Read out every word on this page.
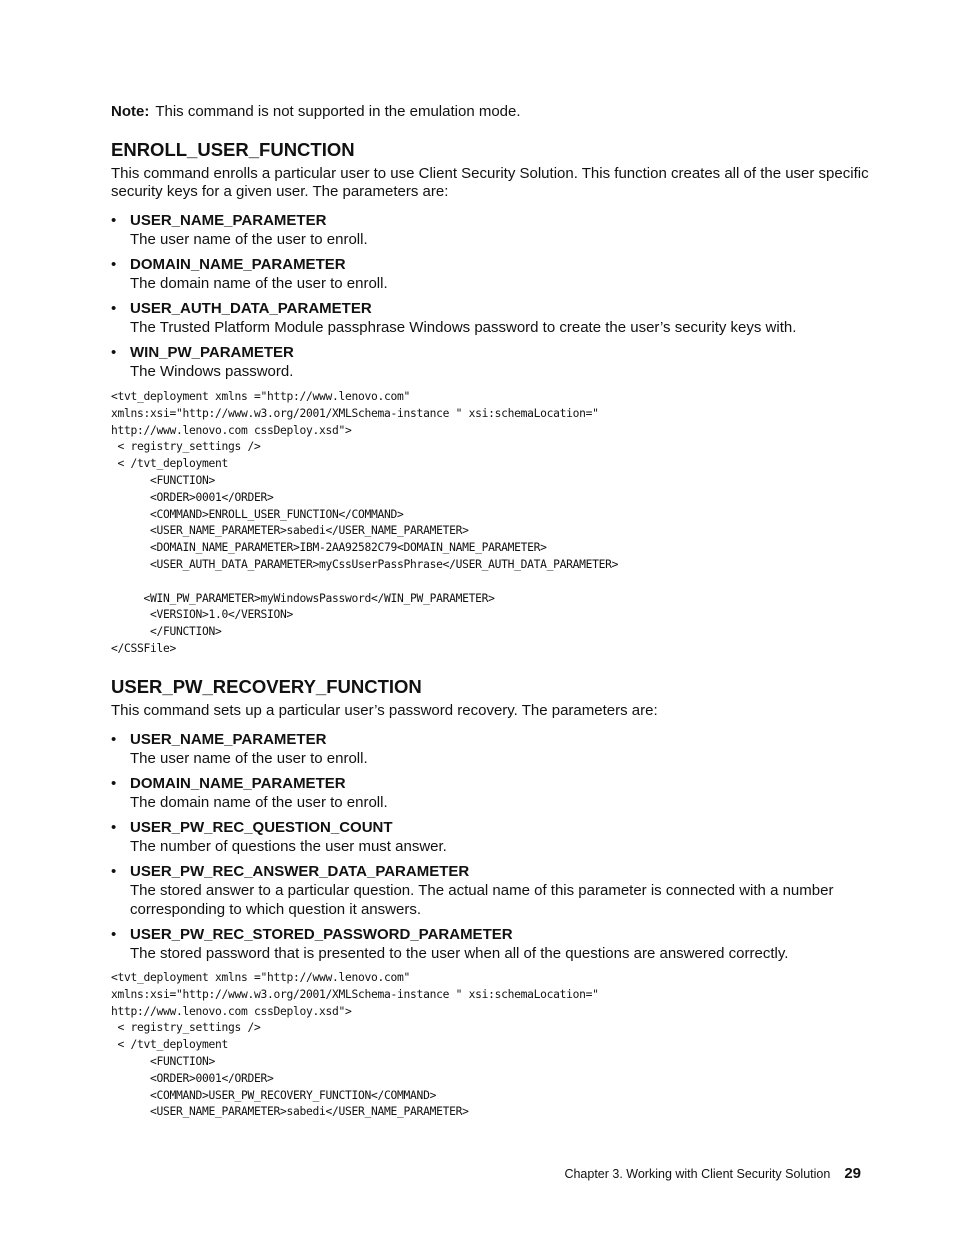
Note: This command is not supported in the emulation mode.
ENROLL_USER_FUNCTION

This command enrolls a particular user to use Client Security Solution. This function creates all of the user specific security keys for a given user. The parameters are:

• USER_NAME_PARAMETER
The user name of the user to enroll.
• DOMAIN_NAME_PARAMETER
The domain name of the user to enroll.
• USER_AUTH_DATA_PARAMETER
The Trusted Platform Module passphrase Windows password to create the user’s security keys with.
• WIN_PW_PARAMETER
The Windows password.
<tvt_deployment xmlns ="http://www.lenovo.com"
xmlns:xsi="http://www.w3.org/2001/XMLSchema-instance " xsi:schemaLocation="
http://www.lenovo.com cssDeploy.xsd">
< registry_settings />
< /tvt_deployment
<FUNCTION>
<ORDER>0001</ORDER>
<COMMAND>ENROLL_USER_FUNCTION</COMMAND>
<USER_NAME_PARAMETER>sabedi</USER_NAME_PARAMETER>
<DOMAIN_NAME_PARAMETER>IBM-2AA92582C79<DOMAIN_NAME_PARAMETER>
<USER_AUTH_DATA_PARAMETER>myCssUserPassPhrase</USER_AUTH_DATA_PARAMETER>

<WIN_PW_PARAMETER>myWindowsPassword</WIN_PW_PARAMETER>
<VERSION>1.0</VERSION>
</FUNCTION>
</CSSFile>
USER_PW_RECOVERY_FUNCTION

This command sets up a particular user’s password recovery. The parameters are:

• USER_NAME_PARAMETER
The user name of the user to enroll.
• DOMAIN_NAME_PARAMETER
The domain name of the user to enroll.
• USER_PW_REC_QUESTION_COUNT
The number of questions the user must answer.
• USER_PW_REC_ANSWER_DATA_PARAMETER
The stored answer to a particular question. The actual name of this parameter is connected with a number corresponding to which question it answers.
• USER_PW_REC_STORED_PASSWORD_PARAMETER
The stored password that is presented to the user when all of the questions are answered correctly.
<tvt_deployment xmlns ="http://www.lenovo.com"
xmlns:xsi="http://www.w3.org/2001/XMLSchema-instance " xsi:schemaLocation="
http://www.lenovo.com cssDeploy.xsd">
< registry_settings />
< /tvt_deployment
<FUNCTION>
<ORDER>0001</ORDER>
<COMMAND>USER_PW_RECOVERY_FUNCTION</COMMAND>
<USER_NAME_PARAMETER>sabedi</USER_NAME_PARAMETER>
Chapter 3. Working with Client Security Solution 29
